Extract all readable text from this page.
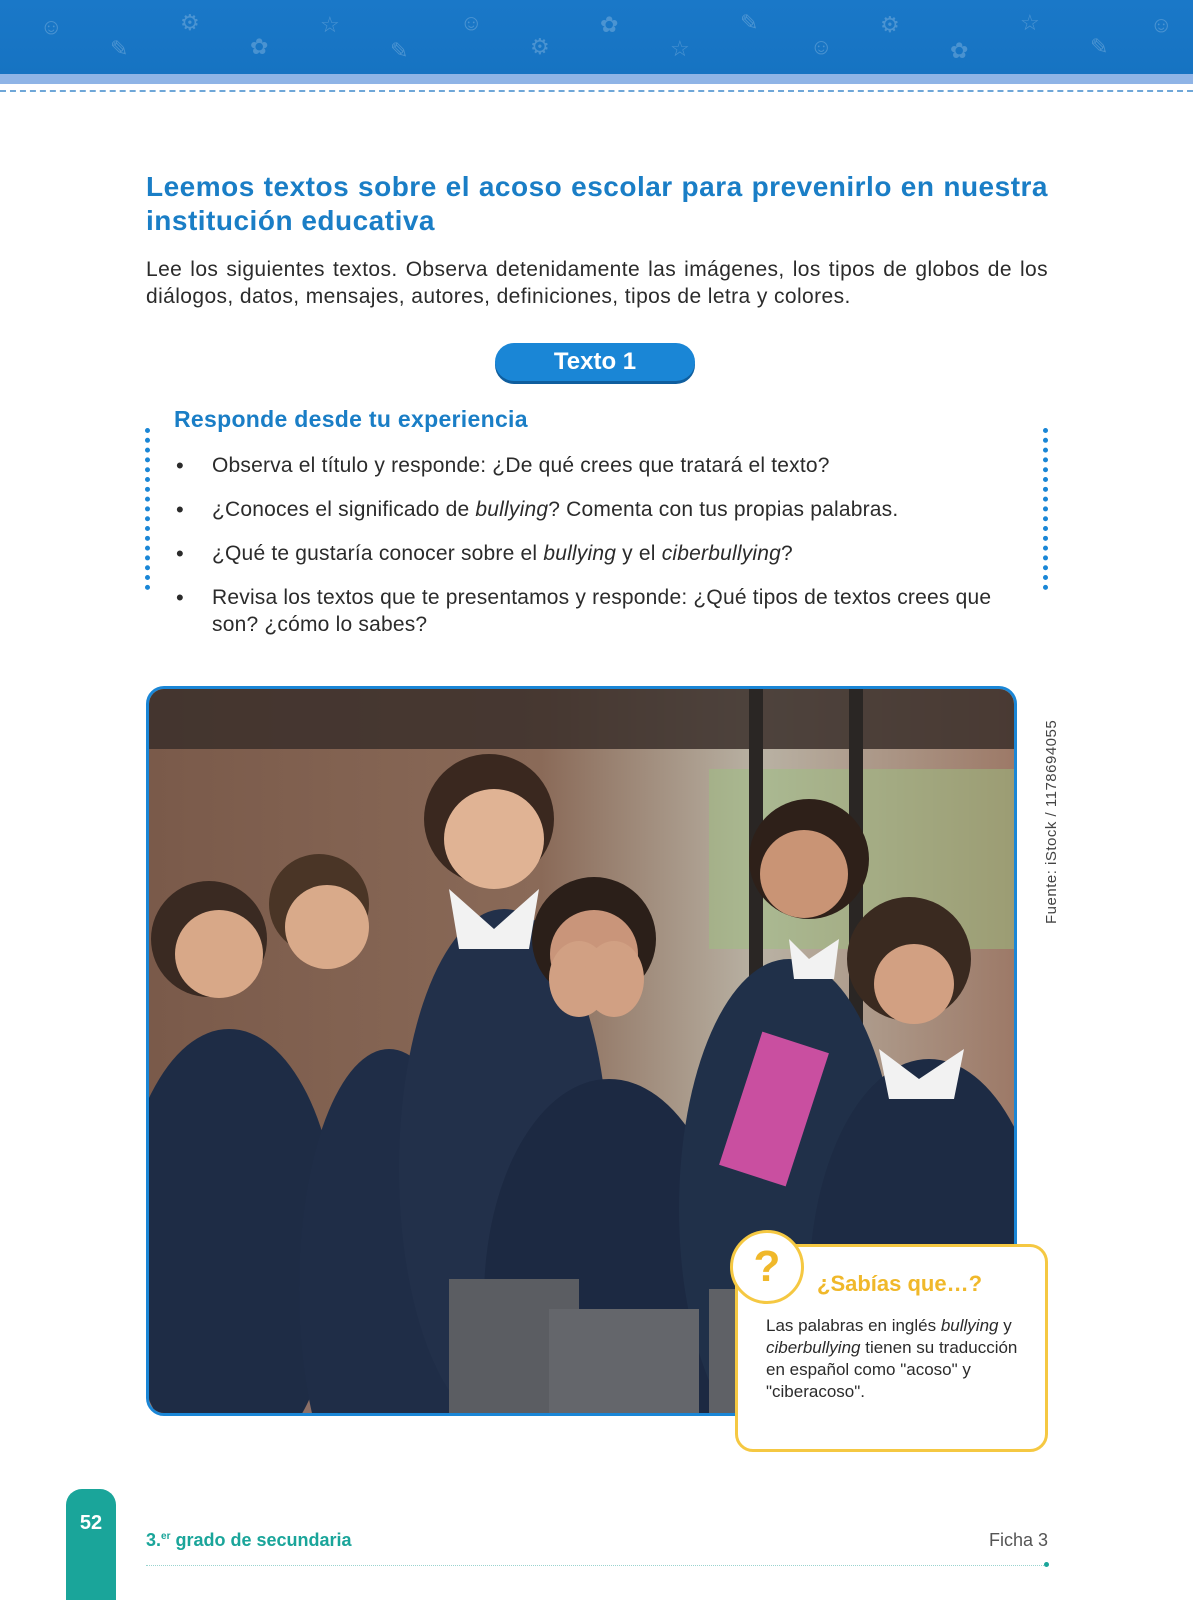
☺
✎
⚙
✿
☆
✎
☺
⚙
✿
☆
✎
☺
⚙
✿
☆
✎
☺
Leemos textos sobre el acoso escolar para prevenirlo en nuestra institución educativa

Lee los siguientes textos. Observa detenidamente las imágenes, los tipos de globos de los diálogos, datos, mensajes, autores, definiciones, tipos de letra y colores.

Texto 1
Responde desde tu experiencia
• Observa el título y responde: ¿De qué crees que tratará el texto?
• ¿Conoces el significado de bullying? Comenta con tus propias palabras.
• ¿Qué te gustaría conocer sobre el bullying y el ciberbullying?
• Revisa los textos que te presentamos y responde: ¿Qué tipos de textos crees que son? ¿cómo lo sabes?
Fuente: iStock / 1178694055
?	¿Sabías que…?

Las palabras en inglés bullying y ciberbullying tienen su traducción en español como "acoso" y "ciberacoso".

52
3.$^{er}$ grado de secundaria	Ficha 3
